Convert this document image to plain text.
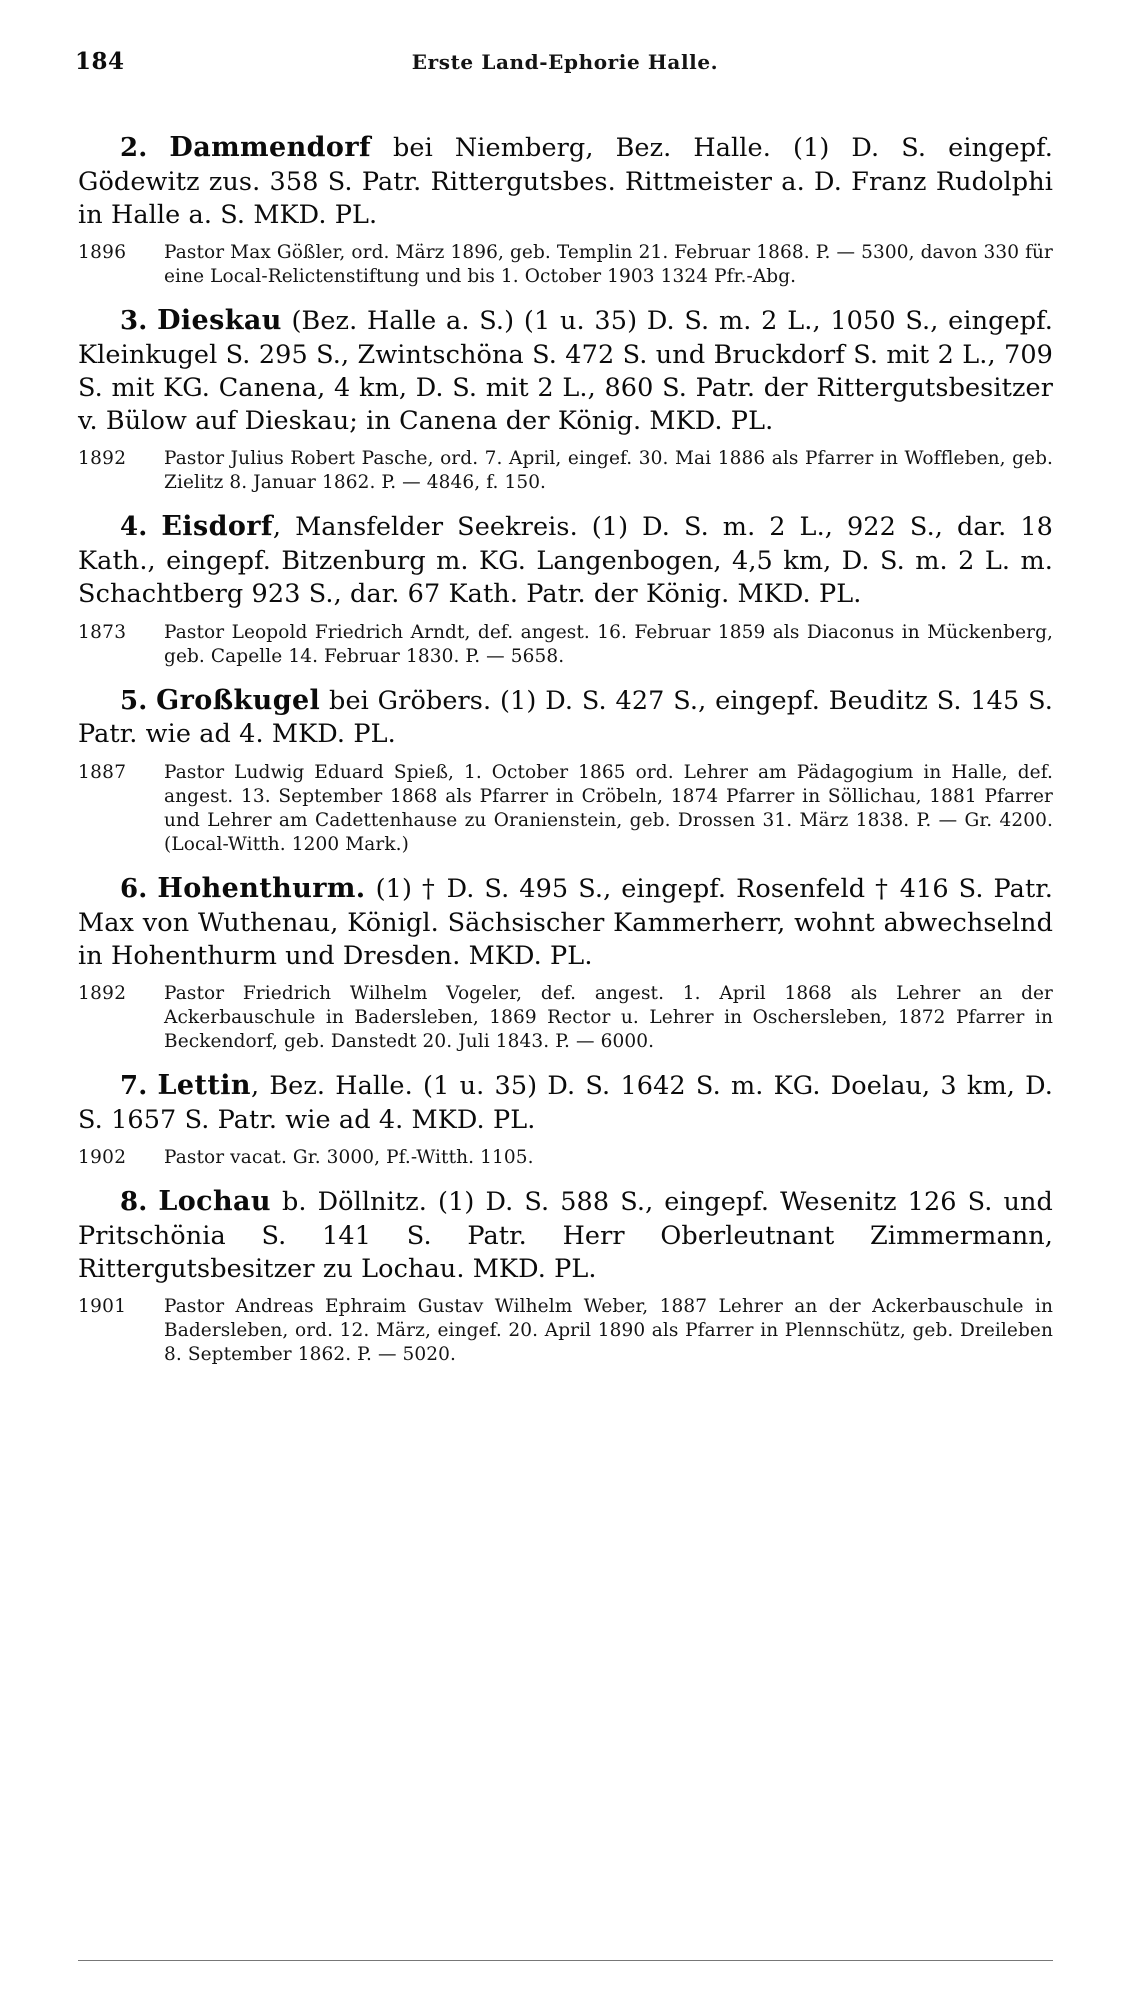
184	Erste Land-Ephorie Halle.
2. Dammendorf bei Niemberg, Bez. Halle. (1) D. S. eingepf. Gödewitz zus. 358 S. Patr. Rittergutsbes. Rittmeister a. D. Franz Rudolphi in Halle a. S. MKD. PL.
1896	Pastor Max Gößler, ord. März 1896, geb. Templin 21. Februar 1868. P. — 5300, davon 330 für eine Local-Relictenstiftung und bis 1. October 1903 1324 Pfr.-Abg.
3. Dieskau (Bez. Halle a. S.) (1 u. 35) D. S. m. 2 L., 1050 S., eingepf. Kleinkugel S. 295 S., Zwintschöna S. 472 S. und Bruckdorf S. mit 2 L., 709 S. mit KG. Canena, 4 km, D. S. mit 2 L., 860 S. Patr. der Rittergutsbesitzer v. Bülow auf Dieskau; in Canena der König. MKD. PL.
1892	Pastor Julius Robert Pasche, ord. 7. April, eingef. 30. Mai 1886 als Pfarrer in Woffleben, geb. Zielitz 8. Januar 1862. P. — 4846, f. 150.
4. Eisdorf, Mansfelder Seekreis. (1) D. S. m. 2 L., 922 S., dar. 18 Kath., eingepf. Bitzenburg m. KG. Langenbogen, 4,5 km, D. S. m. 2 L. m. Schachtberg 923 S., dar. 67 Kath. Patr. der König. MKD. PL.
1873	Pastor Leopold Friedrich Arndt, def. angest. 16. Februar 1859 als Diaconus in Mückenberg, geb. Capelle 14. Februar 1830. P. — 5658.
5. Großkugel bei Gröbers. (1) D. S. 427 S., eingepf. Beuditz S. 145 S. Patr. wie ad 4. MKD. PL.
1887	Pastor Ludwig Eduard Spieß, 1. October 1865 ord. Lehrer am Pädagogium in Halle, def. angest. 13. September 1868 als Pfarrer in Cröbeln, 1874 Pfarrer in Söllichau, 1881 Pfarrer und Lehrer am Cadettenhause zu Oranienstein, geb. Drossen 31. März 1838. P. — Gr. 4200. (Local-Witth. 1200 Mark.)
6. Hohenthurm. (1) † D. S. 495 S., eingepf. Rosenfeld † 416 S. Patr. Max von Wuthenau, Königl. Sächsischer Kammerherr, wohnt abwechselnd in Hohenthurm und Dresden. MKD. PL.
1892	Pastor Friedrich Wilhelm Vogeler, def. angest. 1. April 1868 als Lehrer an der Ackerbauschule in Badersleben, 1869 Rector u. Lehrer in Oschersleben, 1872 Pfarrer in Beckendorf, geb. Danstedt 20. Juli 1843. P. — 6000.
7. Lettin, Bez. Halle. (1 u. 35) D. S. 1642 S. m. KG. Doelau, 3 km, D. S. 1657 S. Patr. wie ad 4. MKD. PL.
1902	Pastor vacat. Gr. 3000, Pf.-Witth. 1105.
8. Lochau b. Döllnitz. (1) D. S. 588 S., eingepf. Wesenitz 126 S. und Pritschönia S. 141 S. Patr. Herr Oberleutnant Zimmermann, Rittergutsbesitzer zu Lochau. MKD. PL.
1901	Pastor Andreas Ephraim Gustav Wilhelm Weber, 1887 Lehrer an der Ackerbauschule in Badersleben, ord. 12. März, eingef. 20. April 1890 als Pfarrer in Plennschütz, geb. Dreileben 8. September 1862. P. — 5020.
